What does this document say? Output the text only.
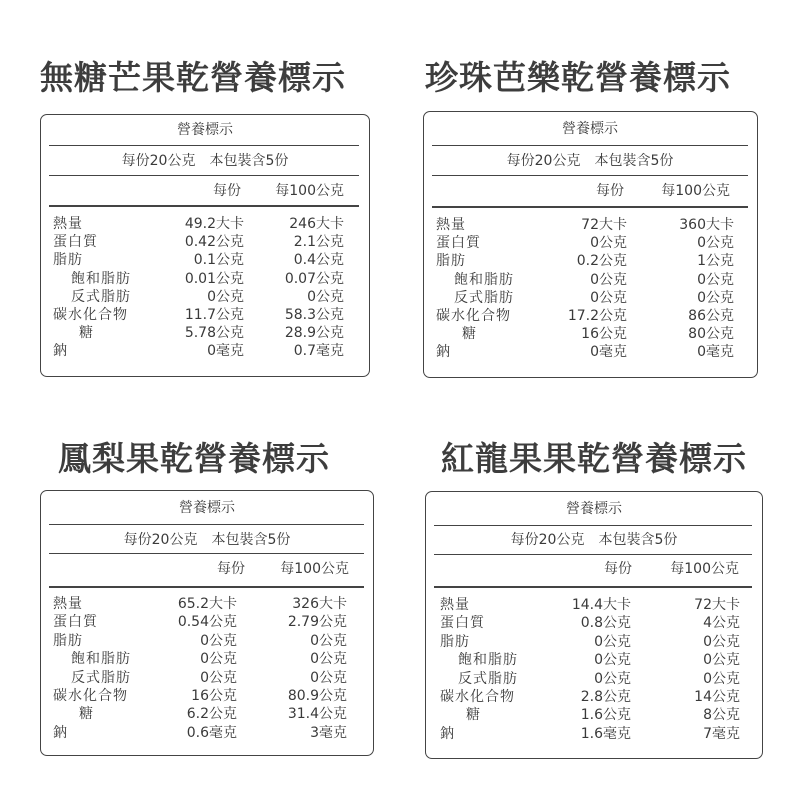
無糖芒果乾營養標示
營養標示
每份20公克　本包裝含5份
每份 每100公克
熱量	49.2大卡	246大卡
蛋白質	0.42公克	2.1公克
脂肪	0.1公克	0.4公克
飽和脂肪	0.01公克	0.07公克
反式脂肪	0公克	0公克
碳水化合物	11.7公克	58.3公克
糖	5.78公克	28.9公克
鈉	0毫克	0.7毫克
珍珠芭樂乾營養標示
營養標示
每份20公克　本包裝含5份
每份	每100公克
熱量	72大卡	360大卡
蛋白質	0公克	0公克
脂肪	0.2公克	1公克
飽和脂肪	0公克	0公克
反式脂肪	0公克	0公克
碳水化合物	17.2公克	86公克
糖	16公克	80公克
鈉	0毫克	0毫克
鳳梨果乾營養標示
營養標示
每份20公克　本包裝含5份
每份	每100公克
熱量	65.2大卡	326大卡
蛋白質	0.54公克	2.79公克
脂肪	0公克	0公克
飽和脂肪	0公克	0公克
反式脂肪	0公克	0公克
碳水化合物	16公克	80.9公克
糖	6.2公克	31.4公克
鈉	0.6毫克	3毫克
紅龍果果乾營養標示
營養標示
每份20公克　本包裝含5份
每份	每100公克
熱量	14.4大卡	72大卡
蛋白質	0.8公克	4公克
脂肪	0公克	0公克
飽和脂肪	0公克	0公克
反式脂肪	0公克	0公克
碳水化合物	2.8公克	14公克
糖	1.6公克	8公克
鈉	1.6毫克	7毫克
